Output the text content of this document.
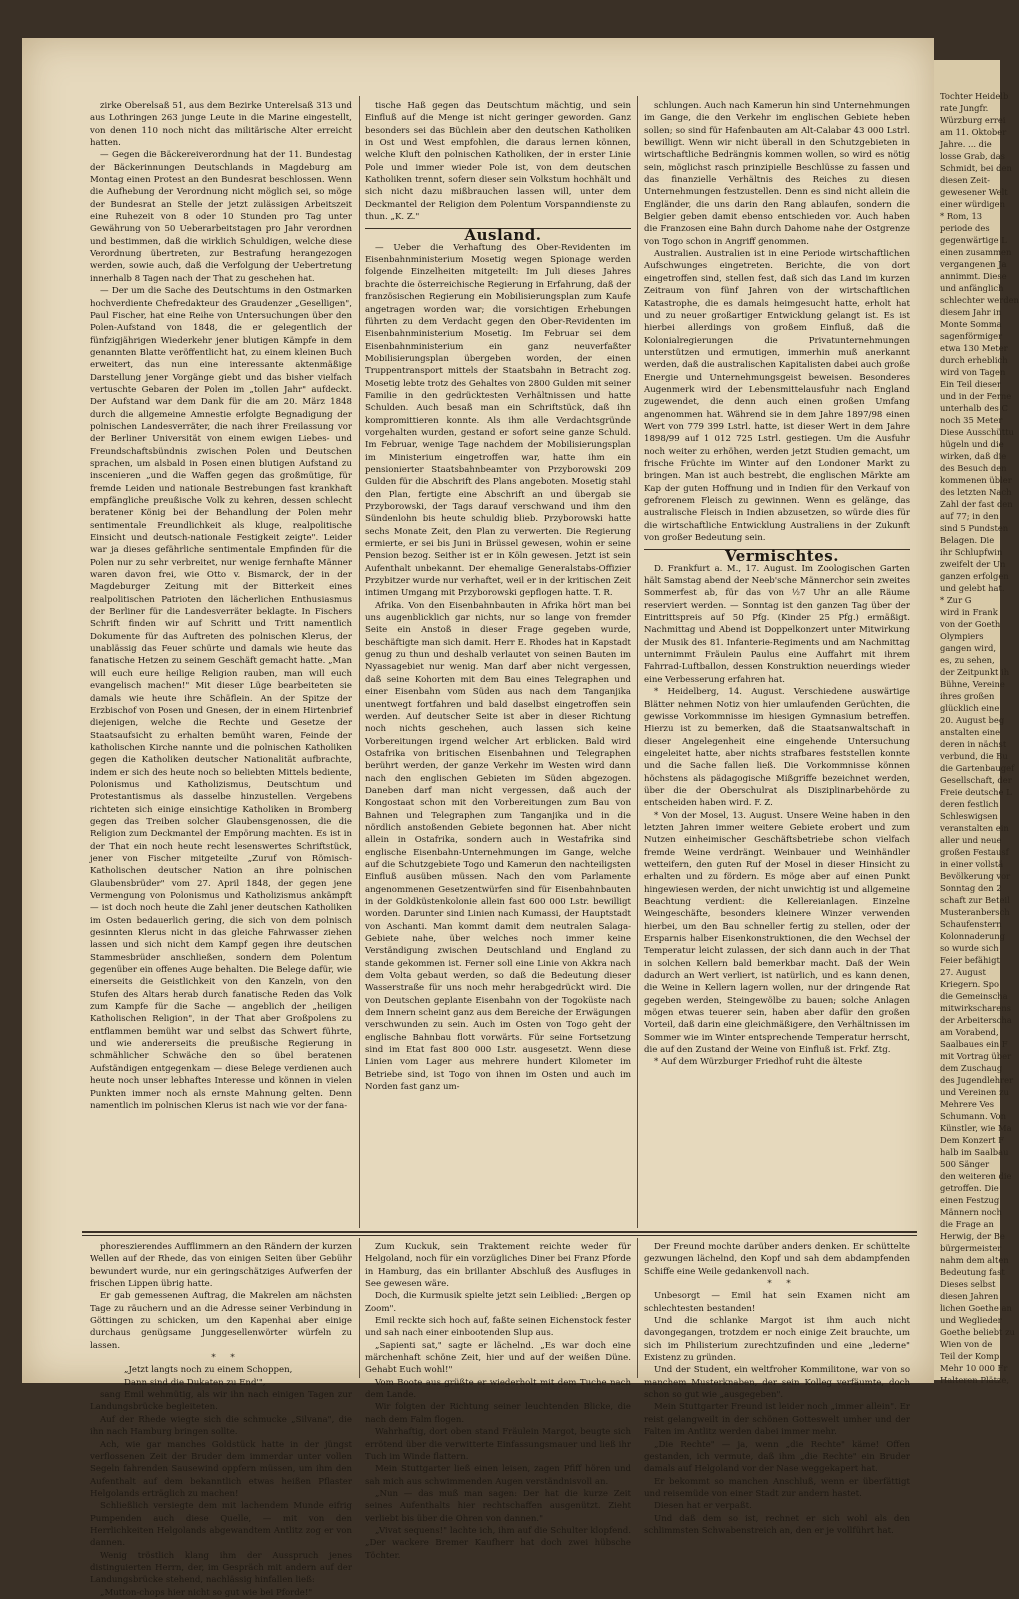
zirke Oberelsaß 51, aus dem Bezirke Unterelsaß 313 und aus Lothringen 263 junge Leute in die Marine eingestellt, von denen 110 noch nicht das militärische Alter erreicht hatten.

— Gegen die Bäckereiverordnung hat der 11. Bundestag der Bäckerinnungen Deutschlands in Magdeburg am Montag einen Protest an den Bundesrat beschlossen. Wenn die Aufhebung der Verordnung nicht möglich sei, so möge der Bundesrat an Stelle der jetzt zulässigen Arbeitszeit eine Ruhezeit von 8 oder 10 Stunden pro Tag unter Gewährung von 50 Ueberarbeitstagen pro Jahr verordnen und bestimmen, daß die wirklich Schuldigen, welche diese Verordnung übertreten, zur Bestrafung herangezogen werden, sowie auch, daß die Verfolgung der Uebertretung innerhalb 8 Tagen nach der That zu geschehen hat.

— Der um die Sache des Deutschtums in den Ostmarken hochverdiente Chefredakteur des Graudenzer „Geselligen", Paul Fischer, hat eine Reihe von Untersuchungen über den Polen-Aufstand von 1848, die er gelegentlich der fünfzigjährigen Wiederkehr jener blutigen Kämpfe in dem genannten Blatte veröffentlicht hat, zu einem kleinen Buch erweitert, das nun eine interessante aktenmäßige Darstellung jener Vorgänge giebt und das bisher vielfach vertuschte Gebaren der Polen im „tollen Jahr" aufdeckt. Der Aufstand war dem Dank für die am 20. März 1848 durch die allgemeine Amnestie erfolgte Begnadigung der polnischen Landesverräter, die nach ihrer Freilassung vor der Berliner Universität von einem ewigen Liebes- und Freundschaftsbündnis zwischen Polen und Deutschen sprachen, um alsbald in Posen einen blutigen Aufstand zu inscenieren „und die Waffen gegen das großmütige, für fremde Leiden und nationale Bestrebungen fast krankhaft empfängliche preußische Volk zu kehren, dessen schlecht beratener König bei der Behandlung der Polen mehr sentimentale Freundlichkeit als kluge, realpolitische Einsicht und deutsch-nationale Festigkeit zeigte". Leider war ja dieses gefährliche sentimentale Empfinden für die Polen nur zu sehr verbreitet, nur wenige fernhafte Männer waren davon frei, wie Otto v. Bismarck, der in der Magdeburger Zeitung mit der Bitterkeit eines realpolitischen Patrioten den lächerlichen Enthusiasmus der Berliner für die Landesverräter beklagte. In Fischers Schrift finden wir auf Schritt und Tritt namentlich Dokumente für das Auftreten des polnischen Klerus, der unablässig das Feuer schürte und damals wie heute das fanatische Hetzen zu seinem Geschäft gemacht hatte. „Man will euch eure heilige Religion rauben, man will euch evangelisch machen!" Mit dieser Lüge bearbeiteten sie damals wie heute ihre Schäflein. An der Spitze der Erzbischof von Posen und Gnesen, der in einem Hirtenbrief diejenigen, welche die Rechte und Gesetze der Staatsaufsicht zu erhalten bemüht waren, Feinde der katholischen Kirche nannte und die polnischen Katholiken gegen die Katholiken deutscher Nationalität aufbrachte, indem er sich des heute noch so beliebten Mittels bediente, Polonismus und Katholizismus, Deutschtum und Protestantismus als dasselbe hinzustellen. Vergebens richteten sich einige einsichtige Katholiken in Bromberg gegen das Treiben solcher Glaubensgenossen, die die Religion zum Deckmantel der Empörung machten. Es ist in der That ein noch heute recht lesenswertes Schriftstück, jener von Fischer mitgeteilte „Zuruf von Römisch-Katholischen deutscher Nation an ihre polnischen Glaubensbrüder" vom 27. April 1848, der gegen jene Vermengung von Polonismus und Katholizismus ankämpft — ist doch noch heute die Zahl jener deutschen Katholiken im Osten bedauerlich gering, die sich von dem polnisch gesinnten Klerus nicht in das gleiche Fahrwasser ziehen lassen und sich nicht dem Kampf gegen ihre deutschen Stammesbrüder anschließen, sondern dem Polentum gegenüber ein offenes Auge behalten. Die Belege dafür, wie einerseits die Geistlichkeit von den Kanzeln, von den Stufen des Altars herab durch fanatische Reden das Volk zum Kampfe für die Sache — angeblich der „heiligen Katholischen Religion", in der That aber Großpolens zu entflammen bemüht war und selbst das Schwert führte, und wie andererseits die preußische Regierung in schmählicher Schwäche den so übel beratenen Aufständigen entgegenkam — diese Belege verdienen auch heute noch unser lebhaftes Interesse und können in vielen Punkten immer noch als ernste Mahnung gelten. Denn namentlich im polnischen Klerus ist nach wie vor der fana-

tische Haß gegen das Deutschtum mächtig, und sein Einfluß auf die Menge ist nicht geringer geworden. Ganz besonders sei das Büchlein aber den deutschen Katholiken in Ost und West empfohlen, die daraus lernen können, welche Kluft den polnischen Katholiken, der in erster Linie Pole und immer wieder Pole ist, von dem deutschen Katholiken trennt, sofern dieser sein Volkstum hochhält und sich nicht dazu mißbrauchen lassen will, unter dem Deckmantel der Religion dem Polentum Vorspanndienste zu thun. „K. Z."

Ausland.

— Ueber die Verhaftung des Ober-Revidenten im Eisenbahnministerium Mosetig wegen Spionage werden folgende Einzelheiten mitgeteilt: Im Juli dieses Jahres brachte die österreichische Regierung in Erfahrung, daß der französischen Regierung ein Mobilisierungsplan zum Kaufe angetragen worden war; die vorsichtigen Erhebungen führten zu dem Verdacht gegen den Ober-Revidenten im Eisenbahnministerium Mosetig. Im Februar sei dem Eisenbahnministerium ein ganz neuverfaßter Mobilisierungsplan übergeben worden, der einen Truppentransport mittels der Staatsbahn in Betracht zog. Mosetig lebte trotz des Gehaltes von 2800 Gulden mit seiner Familie in den gedrücktesten Verhältnissen und hatte Schulden. Auch besaß man ein Schriftstück, daß ihn kompromittieren konnte. Als ihm alle Verdachtsgründe vorgehalten wurden, gestand er sofort seine ganze Schuld. Im Februar, wenige Tage nachdem der Mobilisierungsplan im Ministerium eingetroffen war, hatte ihm ein pensionierter Staatsbahnbeamter von Przyborowski 209 Gulden für die Abschrift des Plans angeboten. Mosetig stahl den Plan, fertigte eine Abschrift an und übergab sie Przyborowski, der Tags darauf verschwand und ihm den Sündenlohn bis heute schuldig blieb. Przyborowski hatte sechs Monate Zeit, den Plan zu verwerten. Die Regierung ermierte, er sei bis Juni in Brüssel gewesen, wohin er seine Pension bezog. Seither ist er in Köln gewesen. Jetzt ist sein Aufenthalt unbekannt. Der ehemalige Generalstabs-Offizier Przybitzer wurde nur verhaftet, weil er in der kritischen Zeit intimen Umgang mit Przyborowski gepflogen hatte. T. R.

Afrika. Von den Eisenbahnbauten in Afrika hört man bei uns augenblicklich gar nichts, nur so lange von fremder Seite ein Anstoß in dieser Frage gegeben wurde, beschäftigte man sich damit. Herr E. Rhodes hat in Kapstadt genug zu thun und deshalb verlautet von seinen Bauten im Nyassagebiet nur wenig. Man darf aber nicht vergessen, daß seine Kohorten mit dem Bau eines Telegraphen und einer Eisenbahn vom Süden aus nach dem Tanganjika unentwegt fortfahren und bald daselbst eingetroffen sein werden. Auf deutscher Seite ist aber in dieser Richtung noch nichts geschehen, auch lassen sich keine Vorbereitungen irgend welcher Art erblicken. Bald wird Ostafrika von britischen Eisenbahnen und Telegraphen berührt werden, der ganze Verkehr im Westen wird dann nach den englischen Gebieten im Süden abgezogen. Daneben darf man nicht vergessen, daß auch der Kongostaat schon mit den Vorbereitungen zum Bau von Bahnen und Telegraphen zum Tanganjika und in die nördlich anstoßenden Gebiete begonnen hat. Aber nicht allein in Ostafrika, sondern auch in Westafrika sind englische Eisenbahn-Unternehmungen im Gange, welche auf die Schutzgebiete Togo und Kamerun den nachteiligsten Einfluß ausüben müssen. Nach den vom Parlamente angenommenen Gesetzentwürfen sind für Eisenbahnbauten in der Goldküstenkolonie allein fast 600 000 Lstr. bewilligt worden. Darunter sind Linien nach Kumassi, der Hauptstadt von Aschanti. Man kommt damit dem neutralen Salaga-Gebiete nahe, über welches noch immer keine Verständigung zwischen Deutschland und England zu stande gekommen ist. Ferner soll eine Linie von Akkra nach dem Volta gebaut werden, so daß die Bedeutung dieser Wasserstraße für uns noch mehr herabgedrückt wird. Die von Deutschen geplante Eisenbahn von der Togoküste nach dem Innern scheint ganz aus dem Bereiche der Erwägungen verschwunden zu sein. Auch im Osten von Togo geht der englische Bahnbau flott vorwärts. Für seine Fortsetzung sind im Etat fast 800 000 Lstr. ausgesetzt. Wenn diese Linien vom Lager aus mehrere hundert Kilometer im Betriebe sind, ist Togo von ihnen im Osten und auch im Norden fast ganz um-

schlungen. Auch nach Kamerun hin sind Unternehmungen im Gange, die den Verkehr im englischen Gebiete heben sollen; so sind für Hafenbauten am Alt-Calabar 43 000 Lstrl. bewilligt. Wenn wir nicht überall in den Schutzgebieten in wirtschaftliche Bedrängnis kommen wollen, so wird es nötig sein, möglichst rasch prinzipielle Beschlüsse zu fassen und das finanzielle Verhältnis des Reiches zu diesen Unternehmungen festzustellen. Denn es sind nicht allein die Engländer, die uns darin den Rang ablaufen, sondern die Belgier geben damit ebenso entschieden vor. Auch haben die Franzosen eine Bahn durch Dahome nahe der Ostgrenze von Togo schon in Angriff genommen.

Australien. Australien ist in eine Periode wirtschaftlichen Aufschwunges eingetreten. Berichte, die von dort eingetroffen sind, stellen fest, daß sich das Land im kurzen Zeitraum von fünf Jahren von der wirtschaftlichen Katastrophe, die es damals heimgesucht hatte, erholt hat und zu neuer großartiger Entwicklung gelangt ist. Es ist hierbei allerdings von großem Einfluß, daß die Kolonialregierungen die Privatunternehmungen unterstützen und ermutigen, immerhin muß anerkannt werden, daß die australischen Kapitalisten dabei auch große Energie und Unternehmungsgeist beweisen. Besonderes Augenmerk wird der Lebensmittelausfuhr nach England zugewendet, die denn auch einen großen Umfang angenommen hat. Während sie in dem Jahre 1897/98 einen Wert von 779 399 Lstrl. hatte, ist dieser Wert in dem Jahre 1898/99 auf 1 012 725 Lstrl. gestiegen. Um die Ausfuhr noch weiter zu erhöhen, werden jetzt Studien gemacht, um frische Früchte im Winter auf den Londoner Markt zu bringen. Man ist auch bestrebt, die englischen Märkte am Kap der guten Hoffnung und in Indien für den Verkauf von gefrorenem Fleisch zu gewinnen. Wenn es gelänge, das australische Fleisch in Indien abzusetzen, so würde dies für die wirtschaftliche Entwicklung Australiens in der Zukunft von großer Bedeutung sein.

Vermischtes.

D. Frankfurt a. M., 17. August. Im Zoologischen Garten hält Samstag abend der Neeb'sche Männerchor sein zweites Sommerfest ab, für das von ½7 Uhr an alle Räume reserviert werden. — Sonntag ist den ganzen Tag über der Eintrittspreis auf 50 Pfg. (Kinder 25 Pfg.) ermäßigt. Nachmittag und Abend ist Doppelkonzert unter Mitwirkung der Musik des 81. Infanterie-Regiments und am Nachmittag unternimmt Fräulein Paulus eine Auffahrt mit ihrem Fahrrad-Luftballon, dessen Konstruktion neuerdings wieder eine Verbesserung erfahren hat.

* Heidelberg, 14. August. Verschiedene auswärtige Blätter nehmen Notiz von hier umlaufenden Gerüchten, die gewisse Vorkommnisse im hiesigen Gymnasium betreffen. Hierzu ist zu bemerken, daß die Staatsanwaltschaft in dieser Angelegenheit eine eingehende Untersuchung eingeleitet hatte, aber nichts strafbares feststellen konnte und die Sache fallen ließ. Die Vorkommnisse können höchstens als pädagogische Mißgriffe bezeichnet werden, über die der Oberschulrat als Disziplinarbehörde zu entscheiden haben wird. F. Z.

* Von der Mosel, 13. August. Unsere Weine haben in den letzten Jahren immer weitere Gebiete erobert und zum Nutzen einheimischer Geschäftsbetriebe schon vielfach fremde Weine verdrängt. Weinbauer und Weinhändler wetteifern, den guten Ruf der Mosel in dieser Hinsicht zu erhalten und zu fördern. Es möge aber auf einen Punkt hingewiesen werden, der nicht unwichtig ist und allgemeine Beachtung verdient: die Kellereianlagen. Einzelne Weingeschäfte, besonders kleinere Winzer verwenden hierbei, um den Bau schneller fertig zu stellen, oder der Ersparnis halber Eisenkonstruktionen, die den Wechsel der Temperatur leicht zulassen, der sich dann auch in der That in solchen Kellern bald bemerkbar macht. Daß der Wein dadurch an Wert verliert, ist natürlich, und es kann denen, die Weine in Kellern lagern wollen, nur der dringende Rat gegeben werden, Steingewölbe zu bauen; solche Anlagen mögen etwas teuerer sein, haben aber dafür den großen Vorteil, daß darin eine gleichmäßigere, den Verhältnissen im Sommer wie im Winter entsprechende Temperatur herrscht, die auf den Zustand der Weine von Einfluß ist. Frkf. Ztg.

* Auf dem Würzburger Friedhof ruht die älteste

phoreszierendes Aufflimmern an den Rändern der kurzen Wellen auf der Rhede, das von einigen Seiten über Gebühr bewundert wurde, nur ein geringschätziges Aufwerfen der frischen Lippen übrig hatte.

Er gab gemessenen Auftrag, die Makrelen am nächsten Tage zu räuchern und an die Adresse seiner Verbindung in Göttingen zu schicken, um den Kapenhai aber einige durchaus genügsame Junggesellenwörter würfeln zu lassen.

* *

„Jetzt langts noch zu einem Schoppen,

Dann sind die Dukaten zu End'",

sang Emil wehmütig, als wir ihn nach einigen Tagen zur Landungsbrücke begleiteten.

Auf der Rhede wiegte sich die schmucke „Silvana", die ihn nach Hamburg bringen sollte.

Ach, wie gar manches Goldstück hatte in der jüngst verflossenen Zeit der Bruder dem immerdar unter vollen Segeln fahrenden Sausewind oppfern müssen, um ihm den Aufenthalt auf dem bekanntlich etwas heißen Pflaster Helgolands erträglich zu machen!

Schließlich versiegte dem mit lachendem Munde eifrig Pumpenden auch diese Quelle, — mit von den Herrlichkeiten Helgolands abgewandtem Antlitz zog er von dannen.

Wenig tröstlich klang ihm der Ausspruch jenes distinguierten Herrn, der, im Gespräch mit andern auf der Landungsbrücke stehend, nachlässig hinfallen ließ:

„Mutton-chops hier nicht so gut wie bei Pforde!"

Zum Kuckuk, sein Traktement reichte weder für Helgoland, noch für ein vorzügliches Diner bei Franz Pforde in Hamburg, das ein brillanter Abschluß des Ausfluges in See gewesen wäre.

Doch, die Kurmusik spielte jetzt sein Leiblied: „Bergen op Zoom".

Emil reckte sich hoch auf, faßte seinen Eichenstock fester und sah nach einer einbootenden Slup aus.

„Sapienti sat," sagte er lächelnd. „Es war doch eine märchenhaft schöne Zeit, hier und auf der weißen Düne. Gehabt Euch wohl!"

Vom Boote aus grüßte er wiederholt mit dem Tuche nach dem Lande.

Wir folgten der Richtung seiner leuchtenden Blicke, die nach dem Falm flogen.

Wahrhaftig, dort oben stand Fräulein Margot, beugte sich errötend über die verwitterte Einfassungsmauer und ließ ihr Tuch im Winde flattern.

Mein Stuttgarter ließ einen leisen, zagen Pfiff hören und sah mich aus schwimmenden Augen verständnisvoll an.

„Nun — das muß man sagen: Der hat die kurze Zeit seines Aufenthalts hier rechtschaffen ausgenützt. Zieht verliebt bis über die Ohren von dannen."

„Vivat sequens!" lachte ich, ihm auf die Schulter klopfend. „Der wackere Bremer Kaufherr hat doch zwei hübsche Töchter.

Der Freund mochte darüber anders denken. Er schüttelte gezwungen lächelnd, den Kopf und sah dem abdampfenden Schiffe eine Weile gedankenvoll nach.

* *

Unbesorgt — Emil hat sein Examen nicht am schlechtesten bestanden!

Und die schlanke Margot ist ihm auch nicht davongegangen, trotzdem er noch einige Zeit brauchte, um sich im Philisterium zurechtzufinden und eine „lederne" Existenz zu gründen.

Und der Student, ein weltfroher Kommilitone, war von so manchem Musterknaben, der sein Kolleg verfäumte, doch schon so gut wie „ausgegeben".

Mein Stuttgarter Freund ist leider noch „immer allein". Er reist gelangweilt in der schönen Gotteswelt umher und der Falten im Antlitz werden dabei immer mehr.

„Die Rechte" — ja, wenn „die Rechte" käme! Offen gestanden, ich vermute, daß ihm „die Rechte" ein Bruder damals auf Helgoland vor der Nase weggekapert hat.

Er bekommt so manchen Anschluß, wenn er überfättigt und reisemüde von einer Stadt zur andern hastet.

Diesen hat er verpaßt.

Und daß dem so ist, rechnet er sich wohl als den schlimmsten Schwabenstreich an, den er je vollführt hat.

Tochter Heidelb
rate Jungfr.
Würzburg errei
am 11. Oktober
Jahre. ... die
losse Grab, das
Schmidt, bei den
diesen Zeit-
gewesener Welt
einer würdigen
* Rom, 13
periode des
gegenwärtige L
einen zusammen
vergangenen Ja
annimmt. Diese
und anfänglich
schlechter werden
diesem Jahr in
Monte Somma
sagenförmiger
etwa 130 Meter
durch erheblich
wird von Tagen
Ein Teil dieser
und in der Ferne
unterhalb des C
noch 35 Meter
Diese Ausschüttu
hügeln und die
wirken, daß die
des Besuch den
kommenen übler
des letzten Nach
Zahl der fast den
auf 77; in den
sind 5 Pundsten
Belagen. Die
ihr Schlupfwin
zweifelt der Un
ganzen erfolgen
und gelebt hat.
* Zur G
wird in Frank
von der Goeth
Olympiers
gangen wird,
es, zu sehen,
der Zeitpunkt ih
Bühne, Vereine
ihres großen
glücklich eine
20. August beg
anstalten eine
deren in nächst
verbund, die Bu
die Gartenbaugef
Gesellschaft, der
Freie deutsche L
deren festlich
Schleswigsen
veranstalten ein
aller und neue
großen Festausf
in einer vollstä
Bevölkerung vor
Sonntag den 2
schaft zur Beteil
Musteranbersch
Schaufenstern
Kolonnaderung
so wurde sich
Feier befähigt
27. August
Kriegern. Spo
die Gemeinscha
mitwirkscharens
der Arbeiterscha
am Vorabend,
Saalbaues ein F
mit Vortrag über
dem Zuschaug
des Jugendlehrer
und Vereinen zu
Mehrere Ves
Schumann. Von
Künstler, wie Ma
Dem Konzert F
halb im Saalbau
500 Sänger
den weiteren die
getroffen. Die
einen Festzug
Männern noch
die Frage an
Herwig, der Be
bürgermeister
nahm dem alten
Bedeutung fast
Dieses selbst
diesen Jahren
lichen Goethe an
und Weglieder
Goethe beliebt zu
Wien von de
Teil der Komp
Mehr 10 000 Fr
Halteren Plätze,
